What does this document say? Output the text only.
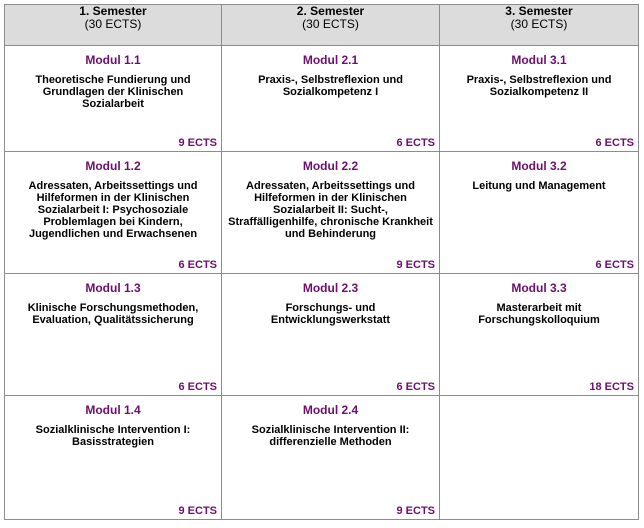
1. Semester
(30 ECTS)	2. Semester
(30 ECTS)	3. Semester
(30 ECTS)

Modul 1.1
Theoretische Fundierung und Grundlagen der Klinischen Sozialarbeit
9 ECTS	Modul 2.1
Praxis-, Selbstreflexion und Sozialkompetenz I
6 ECTS	Modul 3.1
Praxis-, Selbstreflexion und Sozialkompetenz II
6 ECTS

Modul 1.2
Adressaten, Arbeitssettings und Hilfeformen in der Klinischen Sozialarbeit I: Psychosoziale Problemlagen bei Kindern, Jugendlichen und Erwachsenen
6 ECTS	Modul 2.2
Adressaten, Arbeitssettings und Hilfeformen in der Klinischen Sozialarbeit II: Sucht-, Straffälligenhilfe, chronische Krankheit und Behinderung
9 ECTS	Modul 3.2
Leitung und Management
6 ECTS

Modul 1.3
Klinische Forschungsmethoden, Evaluation, Qualitätssicherung
6 ECTS	Modul 2.3
Forschungs- und Entwicklungswerkstatt
6 ECTS	Modul 3.3
Masterarbeit mit Forschungskolloquium
18 ECTS

Modul 1.4
Sozialklinische Intervention I: Basisstrategien
9 ECTS	Modul 2.4
Sozialklinische Intervention II: differenzielle Methoden
9 ECTS	
